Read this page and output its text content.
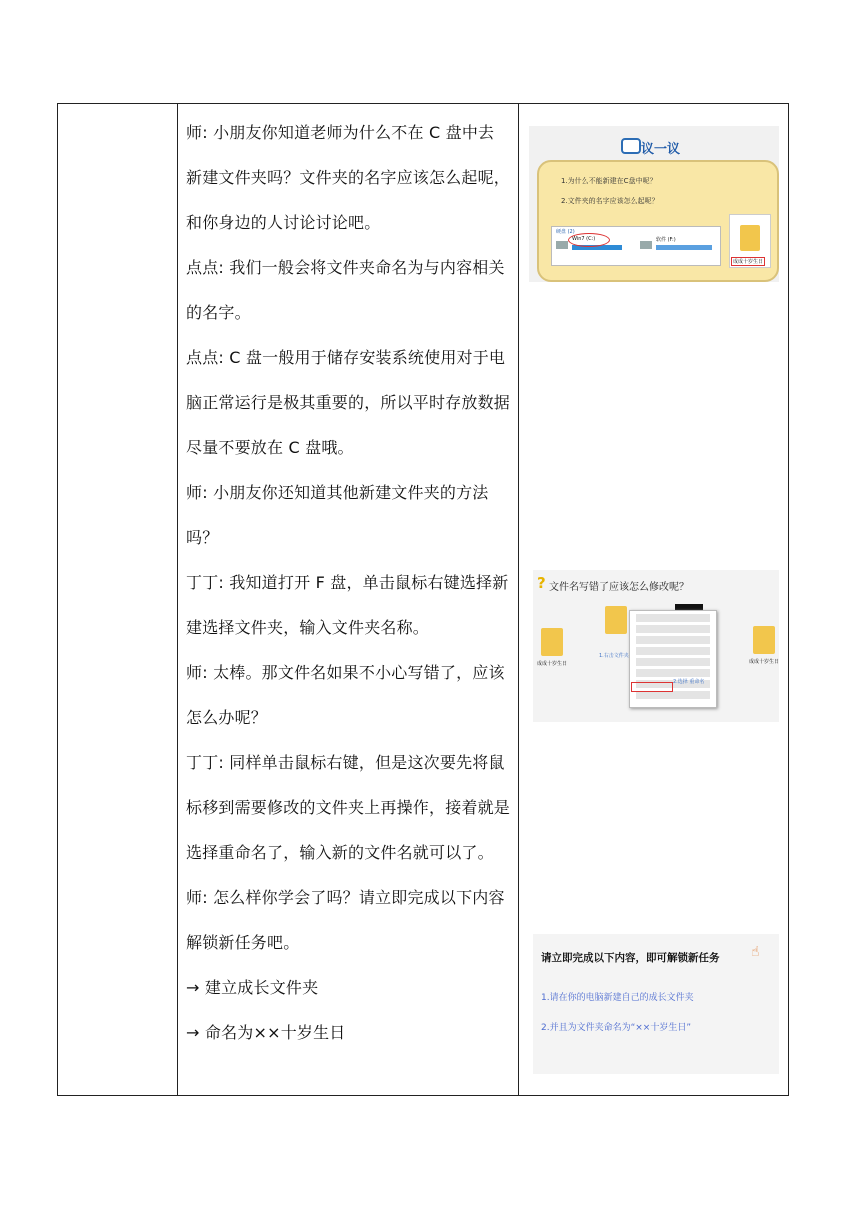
师: 小朋友你知道老师为什么不在 C 盘中去新建文件夹吗？文件夹的名字应该怎么起呢，和你身边的人讨论讨论吧。

点点: 我们一般会将文件夹命名为与内容相关的名字。

点点: C 盘一般用于储存安装系统使用对于电脑正常运行是极其重要的，所以平时存放数据尽量不要放在 C 盘哦。

师: 小朋友你还知道其他新建文件夹的方法吗？

丁丁: 我知道打开 F 盘，单击鼠标右键选择新建选择文件夹，输入文件夹名称。

师: 太棒。那文件名如果不小心写错了，应该怎么办呢？

丁丁: 同样单击鼠标右键，但是这次要先将鼠标移到需要修改的文件夹上再操作，接着就是选择重命名了，输入新的文件名就可以了。

师: 怎么样你学会了吗？请立即完成以下内容解锁新任务吧。

→ 建立成长文件夹

→ 命名为××十岁生日

议一议
1.为什么不能新建在C盘中呢？
2.文件夹的名字应该怎么起呢？
硬盘 (2)
Win7 (C:)	软件 (F:)
成成十岁生日
? 文件名写错了应该怎么修改呢？
成成十岁生日	成成十岁生日
1.右击文件夹
2.选择 重命名
请立即完成以下内容，即可解锁新任务 ☝
1.请在你的电脑新建自己的成长文件夹
2.并且为文件夹命名为“××十岁生日”
